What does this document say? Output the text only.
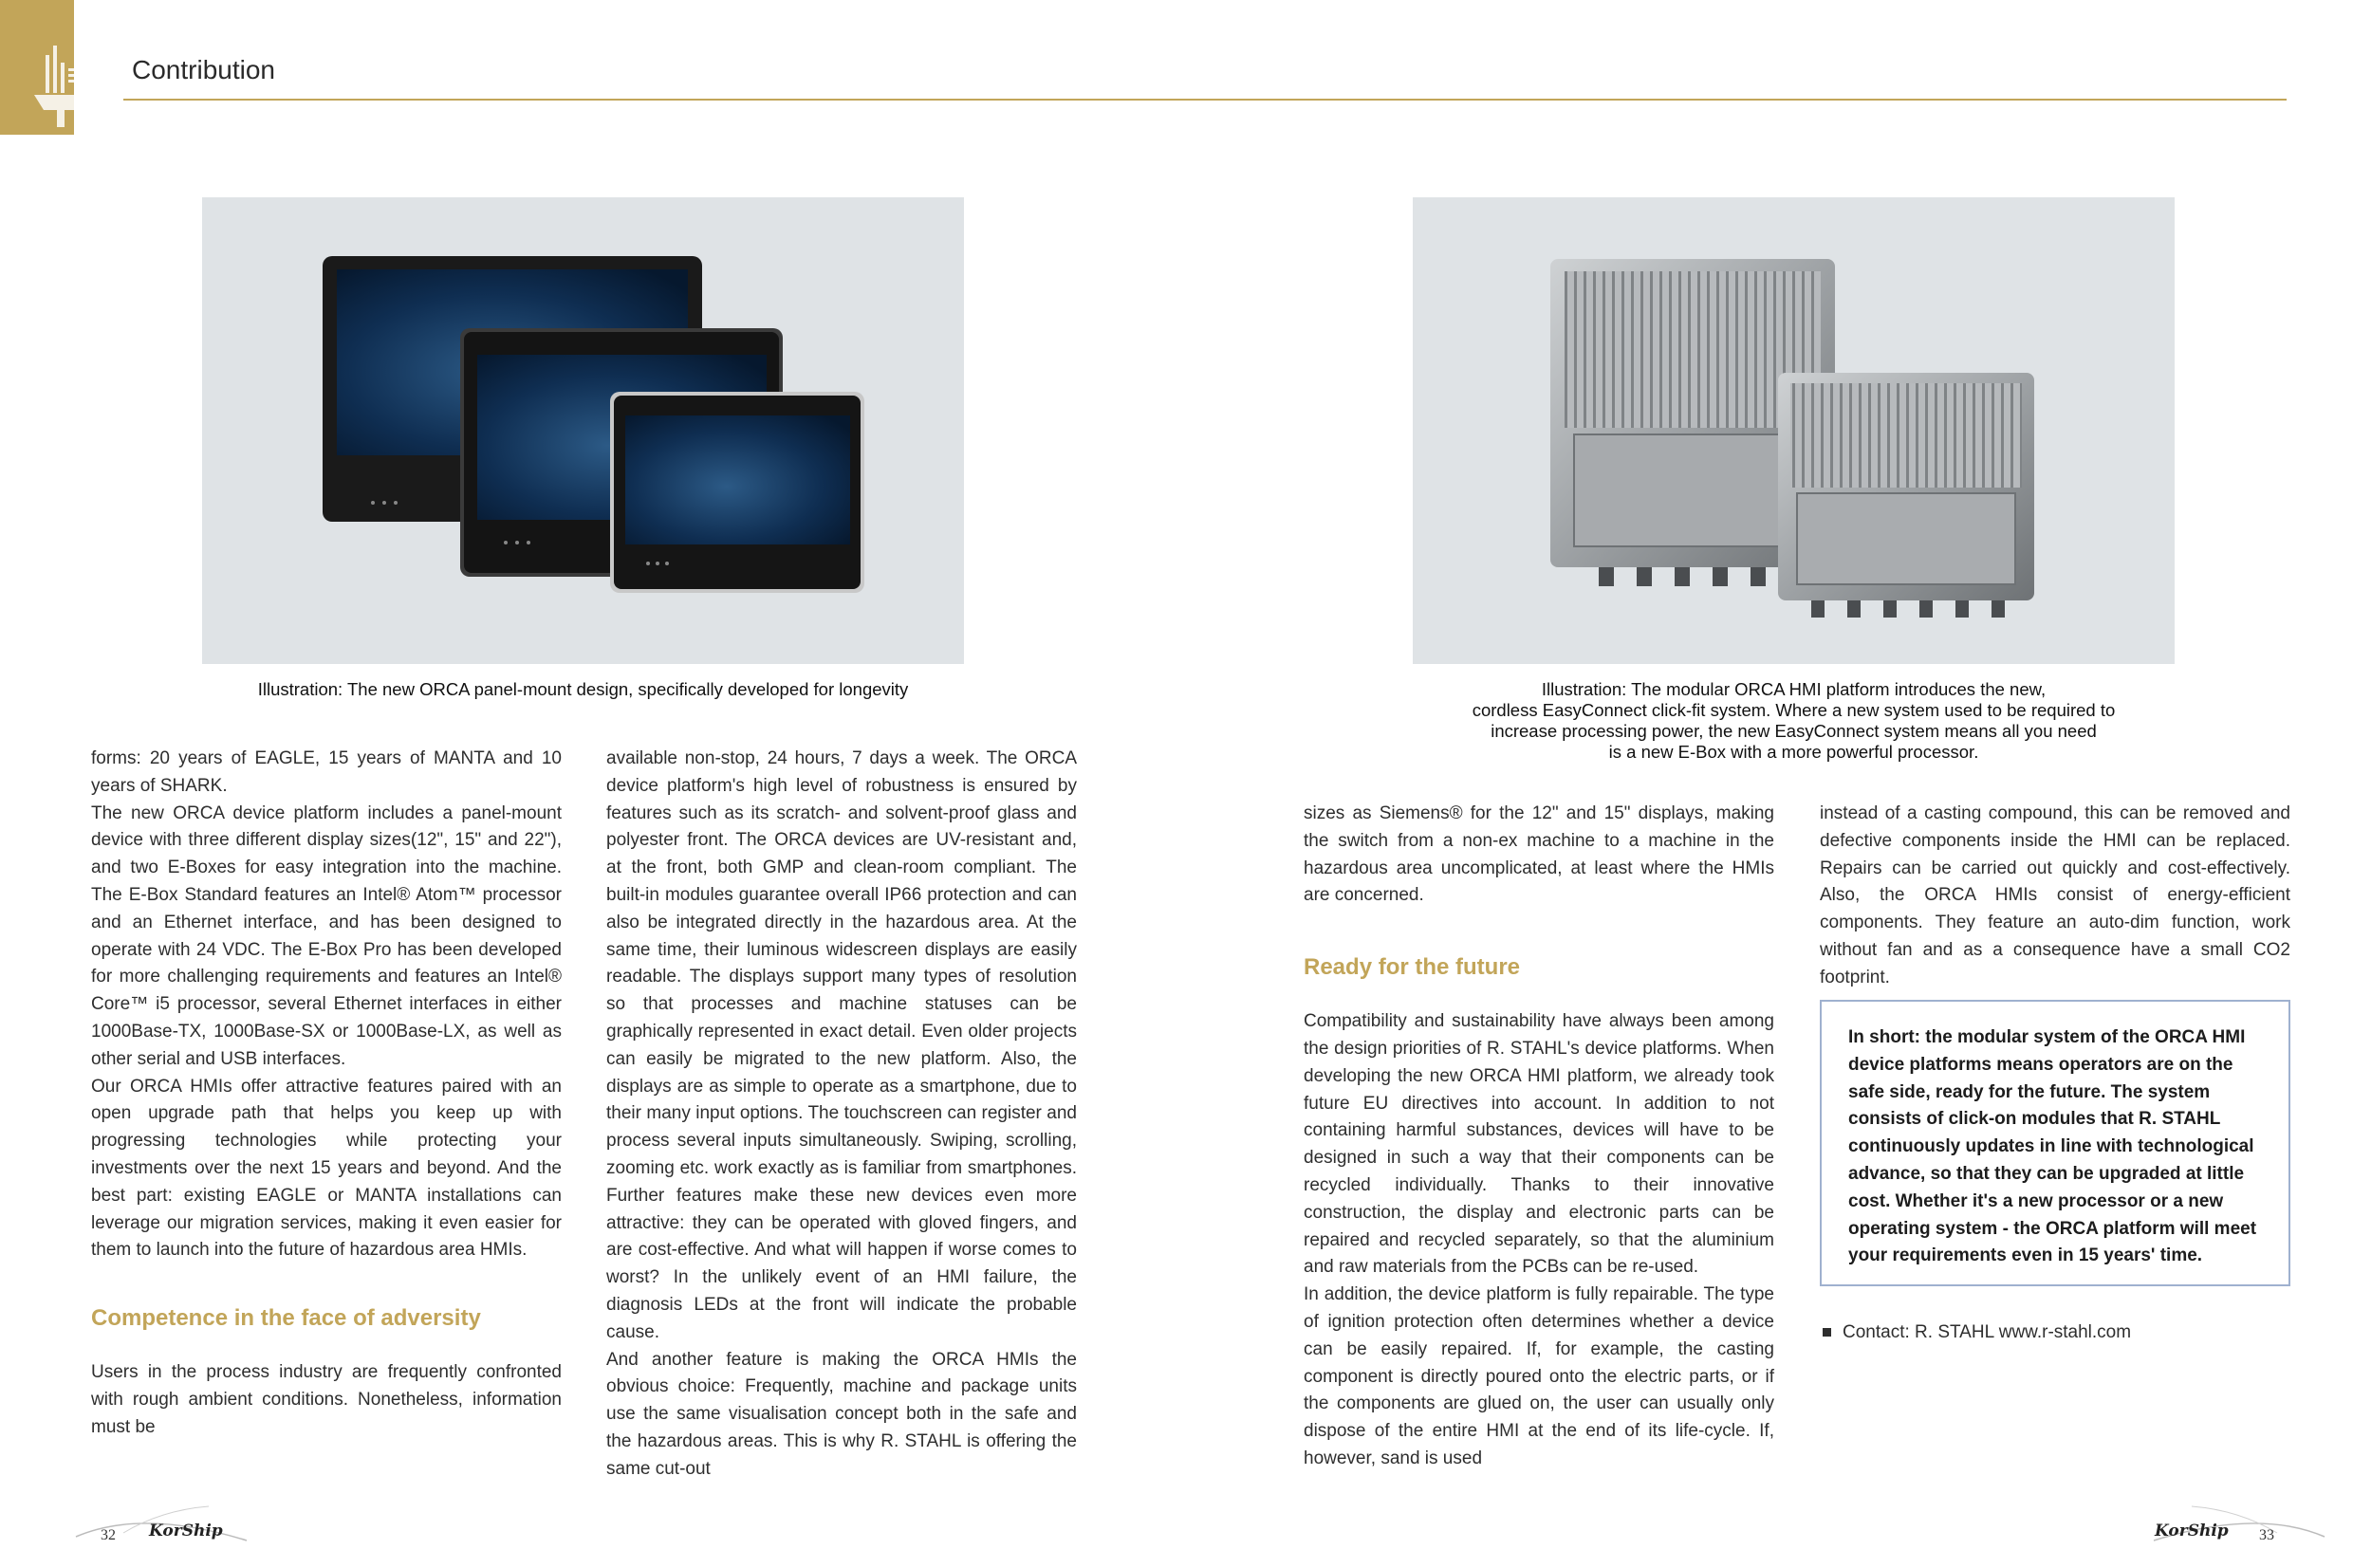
Contribution
Illustration: The new ORCA panel-mount design, specifically developed for longevity	Illustration: The modular ORCA HMI platform introduces the new,
cordless EasyConnect click-fit system. Where a new system used to be required to
increase processing power, the new EasyConnect system means all you need
is a new E-Box with a more powerful processor.

forms: 20 years of EAGLE, 15 years of MANTA and 10 years of SHARK.

The new ORCA device platform includes a panel-mount device with three different display sizes(12", 15" and 22"), and two E-Boxes for easy integration into the machine. The E-Box Standard features an Intel® Atom™ processor and an Ethernet interface, and has been designed to operate with 24 VDC. The E-Box Pro has been developed for more challenging requirements and features an Intel® Core™ i5 processor, several Ethernet interfaces in either 1000Base-TX, 1000Base-SX or 1000Base-LX, as well as other serial and USB interfaces.

Our ORCA HMIs offer attractive features paired with an open upgrade path that helps you keep up with progressing technologies while protecting your investments over the next 15 years and beyond. And the best part: existing EAGLE or MANTA installations can leverage our migration services, making it even easier for them to launch into the future of hazardous area HMIs.

Competence in the face of adversity

Users in the process industry are frequently confronted with rough ambient conditions. Nonetheless, information must be

available non-stop, 24 hours, 7 days a week. The ORCA device platform's high level of robustness is ensured by features such as its scratch- and solvent-proof glass and polyester front. The ORCA devices are UV-resistant and, at the front, both GMP and clean-room compliant. The built-in modules guarantee overall IP66 protection and can also be integrated directly in the hazardous area. At the same time, their luminous widescreen displays are easily readable. The displays support many types of resolution so that processes and machine statuses can be graphically represented in exact detail. Even older projects can easily be migrated to the new platform. Also, the displays are as simple to operate as a smartphone, due to their many input options. The touchscreen can register and process several inputs simultaneously. Swiping, scrolling, zooming etc. work exactly as is familiar from smartphones. Further features make these new devices even more attractive: they can be operated with gloved fingers, and are cost-effective. And what will happen if worse comes to worst? In the unlikely event of an HMI failure, the diagnosis LEDs at the front will indicate the probable cause.

And another feature is making the ORCA HMIs the obvious choice: Frequently, machine and package units use the same visualisation concept both in the safe and the hazardous areas. This is why R. STAHL is offering the same cut-out

sizes as Siemens® for the 12" and 15" displays, making the switch from a non-ex machine to a machine in the hazardous area uncomplicated, at least where the HMIs are concerned.

Ready for the future

Compatibility and sustainability have always been among the design priorities of R. STAHL's device platforms. When developing the new ORCA HMI platform, we already took future EU directives into account. In addition to not containing harmful substances, devices will have to be designed in such a way that their components can be recycled individually. Thanks to their innovative construction, the display and electronic parts can be repaired and recycled separately, so that the aluminium and raw materials from the PCBs can be re-used.

In addition, the device platform is fully repairable. The type of ignition protection often determines whether a device can be easily repaired. If, for example, the casting component is directly poured onto the electric parts, or if the components are glued on, the user can usually only dispose of the entire HMI at the end of its life-cycle. If, however, sand is used

instead of a casting compound, this can be removed and defective components inside the HMI can be replaced. Repairs can be carried out quickly and cost-effectively. Also, the ORCA HMIs consist of energy-efficient components. They feature an auto-dim function, work without fan and as a consequence have a small CO2 footprint.

In short: the modular system of the ORCA HMI device platforms means operators are on the safe side, ready for the future. The system consists of click-on modules that R. STAHL continuously updates in line with technological advance, so that they can be upgraded at little cost. Whether it's a new processor or a new operating system - the ORCA platform will meet your requirements even in 15 years' time.

Contact: R. STAHL www.r-stahl.com
32 KorShip	KorShip 33
